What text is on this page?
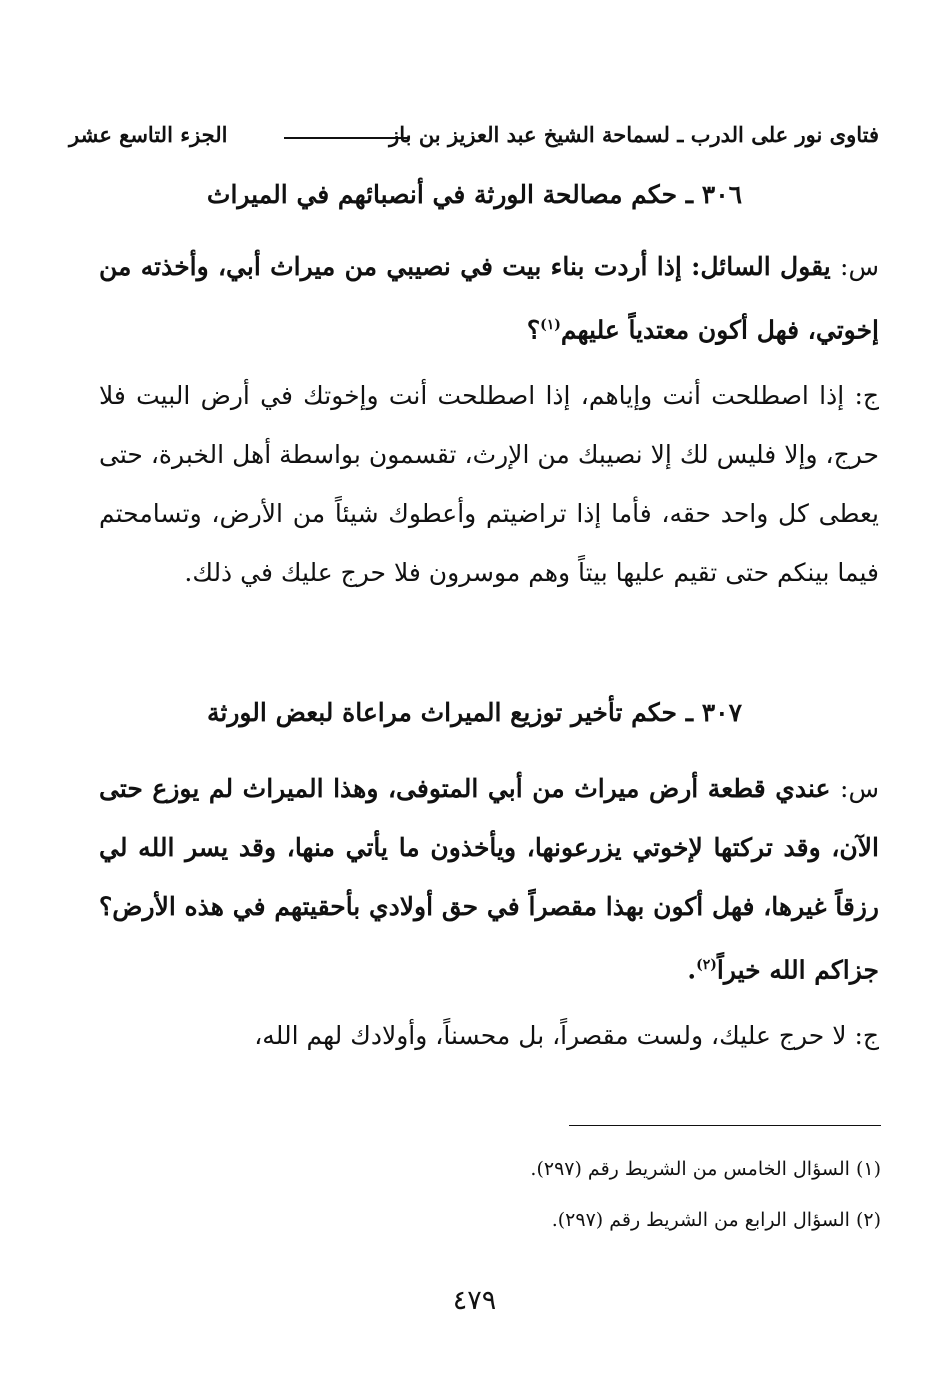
فتاوى نور على الدرب ـ لسماحة الشيخ عبد العزيز بن باز
الجزء التاسع عشر
٣٠٦ ـ حكم مصالحة الورثة في أنصبائهم في الميراث
س: يقول السائل: إذا أردت بناء بيت في نصيبي من ميراث أبي، وأخذته من إخوتي، فهل أكون معتدياً عليهم$^{(١)}$؟
ج: إذا اصطلحت أنت وإياهم، إذا اصطلحت أنت وإخوتك في أرض البيت فلا حرج، وإلا فليس لك إلا نصيبك من الإرث، تقسمون بواسطة أهل الخبرة، حتى يعطى كل واحد حقه، فأما إذا تراضيتم وأعطوك شيئاً من الأرض، وتسامحتم فيما بينكم حتى تقيم عليها بيتاً وهم موسرون فلا حرج عليك في ذلك.
٣٠٧ ـ حكم تأخير توزيع الميراث مراعاة لبعض الورثة
س: عندي قطعة أرض ميراث من أبي المتوفى، وهذا الميراث لم يوزع حتى الآن، وقد تركتها لإخوتي يزرعونها، ويأخذون ما يأتي منها، وقد يسر الله لي رزقاً غيرها، فهل أكون بهذا مقصراً في حق أولادي بأحقيتهم في هذه الأرض؟ جزاكم الله خيراً$^{(٢)}$.
ج: لا حرج عليك، ولست مقصراً، بل محسناً، وأولادك لهم الله،
(١) السؤال الخامس من الشريط رقم (٢٩٧).
(٢) السؤال الرابع من الشريط رقم (٢٩٧).
٤٧٩
